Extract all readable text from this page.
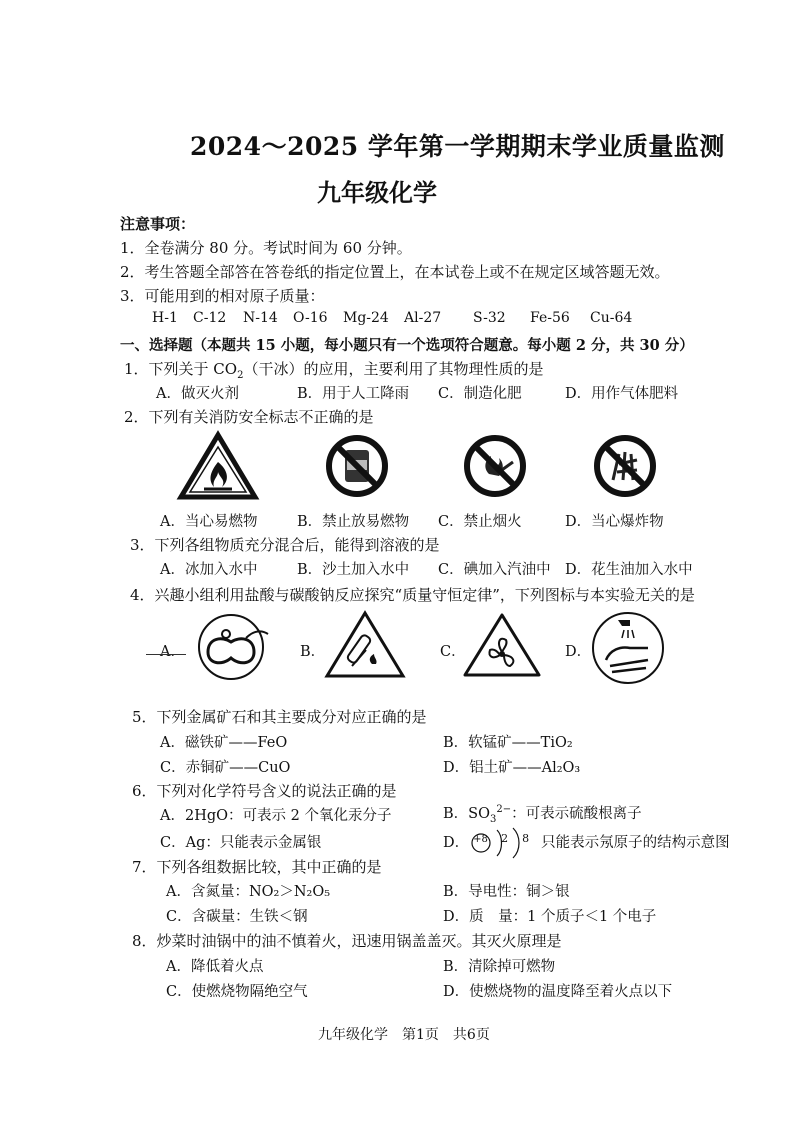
2024～2025 学年第一学期期末学业质量监测
九年级化学
注意事项：
1．全卷满分 80 分。考试时间为 60 分钟。
2．考生答题全部答在答卷纸的指定位置上，在本试卷上或不在规定区域答题无效。
3．可能用到的相对原子质量：
H-1 C-12 N-14 O-16 Mg-24 Al-27 S-32 Fe-56 Cu-64
一、选择题（本题共 15 小题，每小题只有一个选项符合题意。每小题 2 分，共 30 分）
1．下列关于 $CO_2$（干冰）的应用，主要利用了其物理性质的是
A．做灭火剂	B．用于人工降雨 C．制造化肥	D．用作气体肥料
2．下列有关消防安全标志不正确的是
A．当心易燃物	B．禁止放易燃物 C．禁止烟火	D．当心爆炸物
3．下列各组物质充分混合后，能得到溶液的是
A．冰加入水中	B．沙土加入水中 C．碘加入汽油中 D．花生油加入水中
4．兴趣小组利用盐酸与碳酸钠反应探究“质量守恒定律”，下列图标与本实验无关的是
A．	B．	C．	D．
5．下列金属矿石和其主要成分对应正确的是
A．磁铁矿——FeO	B．软锰矿——TiO₂
C．赤铜矿——CuO	D．铝土矿——Al₂O₃
6．下列对化学符号含义的说法正确的是
A．2HgO：可表示 2 个氧化汞分子	B．$SO_3^{2-}$：可表示硫酸根离子
C．Ag：只能表示金属银	D． +8 2 8 只能表示氖原子的结构示意图
7．下列各组数据比较，其中正确的是
A．含氮量：NO₂＞N₂O₅	B．导电性：铜＞银
C．含碳量：生铁＜钢	D．质　量：1 个质子＜1 个电子
8．炒菜时油锅中的油不慎着火，迅速用锅盖盖灭。其灭火原理是
A．降低着火点	B．清除掉可燃物
C．使燃烧物隔绝空气	D．使燃烧物的温度降至着火点以下
九年级化学　第1页　共6页
